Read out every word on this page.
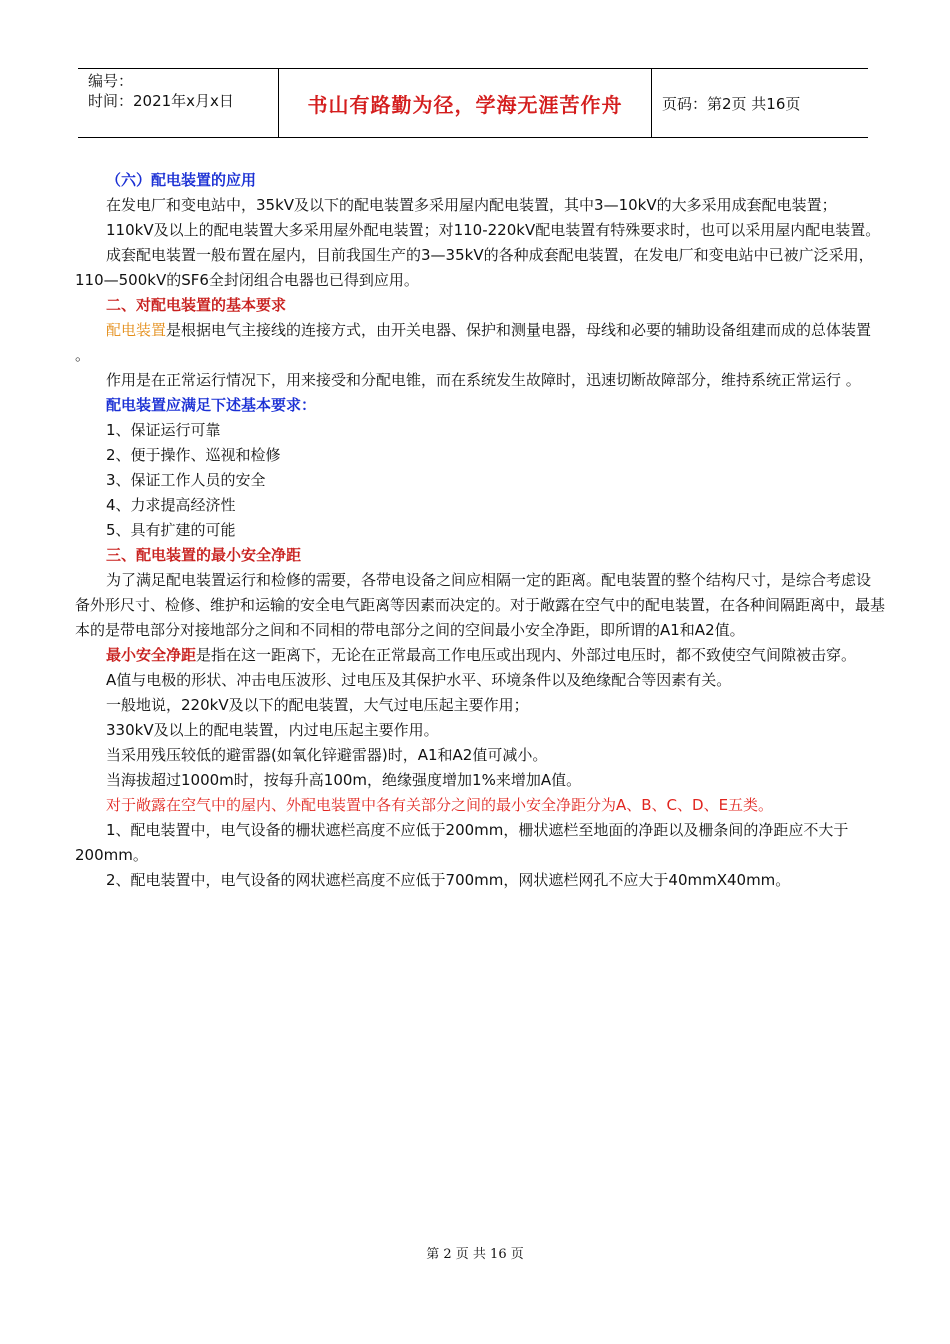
编号：
时间：2021年x月x日	书山有路勤为径，学海无涯苦作舟	页码：第2页 共16页

（六）配电装置的应用

在发电厂和变电站中，35kV及以下的配电装置多采用屋内配电装置，其中3—10kV的大多采用成套配电装置；

110kV及以上的配电装置大多采用屋外配电装置；对110-220kV配电装置有特殊要求时，也可以采用屋内配电装置。

成套配电装置一般布置在屋内，目前我国生产的3—35kV的各种成套配电装置，在发电厂和变电站中已被广泛采用，110—500kV的SF6全封闭组合电器也已得到应用。

二、对配电装置的基本要求

配电装置是根据电气主接线的连接方式，由开关电器、保护和测量电器，母线和必要的辅助设备组建而成的总体装置 。

作用是在正常运行情况下，用来接受和分配电锥，而在系统发生故障时，迅速切断故障部分，维持系统正常运行 。

配电装置应满足下述基本要求：

1、保证运行可靠

2、便于操作、巡视和检修

3、保证工作人员的安全

4、力求提高经济性

5、具有扩建的可能

三、配电装置的最小安全净距

为了满足配电装置运行和检修的需要，各带电设备之间应相隔一定的距离。配电装置的整个结构尺寸，是综合考虑设备外形尺寸、检修、维护和运输的安全电气距离等因素而决定的。对于敞露在空气中的配电装置，在各种间隔距离中，最基本的是带电部分对接地部分之间和不同相的带电部分之间的空间最小安全净距，即所谓的A1和A2值。

最小安全净距是指在这一距离下，无论在正常最高工作电压或出现内、外部过电压时，都不致使空气间隙被击穿。

A值与电极的形状、冲击电压波形、过电压及其保护水平、环境条件以及绝缘配合等因素有关。

一般地说，220kV及以下的配电装置，大气过电压起主要作用；

330kV及以上的配电装置，内过电压起主要作用。

当采用残压较低的避雷器(如氧化锌避雷器)时，A1和A2值可减小。

当海拔超过1000m时，按每升高100m，绝缘强度增加1%来增加A值。

对于敞露在空气中的屋内、外配电装置中各有关部分之间的最小安全净距分为A、B、C、D、E五类。

1、配电装置中，电气设备的栅状遮栏高度不应低于200mm，栅状遮栏至地面的净距以及栅条间的净距应不大于200mm。

2、配电装置中，电气设备的网状遮栏高度不应低于700mm，网状遮栏网孔不应大于40mmX40mm。

第 2 页 共 16 页
